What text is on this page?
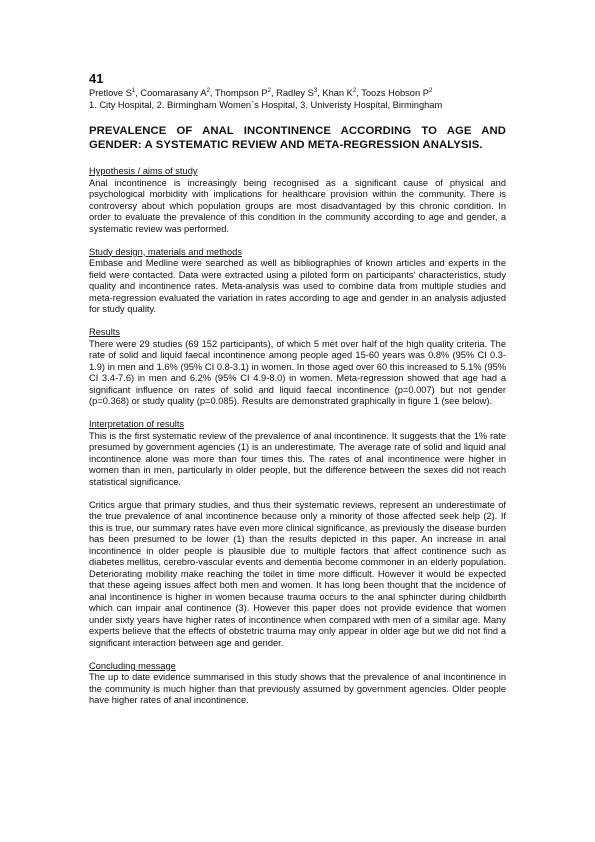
41

Pretlove $S^1$, Coomarasany $A^2$, Thompson $P^2$, Radley $S^3$, Khan $K^2$, Toozs Hobson $P^2$

1. City Hospital, 2. Birmingham Women`s Hospital, 3. Univeristy Hospital, Birmingham

PREVALENCE OF ANAL INCONTINENCE ACCORDING TO AGE AND GENDER: A SYSTEMATIC REVIEW AND META-REGRESSION ANALYSIS.

Hypothesis / aims of study

Anal incontinence is increasingly being recognised as a significant cause of physical and psychological morbidity with implications for healthcare provision within the community. There is controversy about which population groups are most disadvantaged by this chronic condition. In order to evaluate the prevalence of this condition in the community according to age and gender, a systematic review was performed.

Study design, materials and methods

Embase and Medline were searched as well as bibliographies of known articles and experts in the field were contacted. Data were extracted using a piloted form on participants' characteristics, study quality and incontinence rates. Meta-analysis was used to combine data from multiple studies and meta-regression evaluated the variation in rates according to age and gender in an analysis adjusted for study quality.

Results

There were 29 studies (69 152 participants), of which 5 met over half of the high quality criteria. The rate of solid and liquid faecal incontinence among people aged 15-60 years was 0.8% (95% CI 0.3-1.9) in men and 1.6% (95% CI 0.8-3.1) in women. In those aged over 60 this increased to 5.1% (95% CI 3.4-7.6) in men and 6.2% (95% CI 4.9-8.0) in women. Meta-regression showed that age had a significant influence on rates of solid and liquid faecal incontinence (p=0.007) but not gender (p=0.368) or study quality (p=0.085). Results are demonstrated graphically in figure 1 (see below).

Interpretation of results

This is the first systematic review of the prevalence of anal incontinence. It suggests that the 1% rate presumed by government agencies (1) is an underestimate. The average rate of solid and liquid anal incontinence alone was more than four times this. The rates of anal incontinence were higher in women than in men, particularly in older people, but the difference between the sexes did not reach statistical significance.

Critics argue that primary studies, and thus their systematic reviews, represent an underestimate of the true prevalence of anal incontinence because only a minority of those affected seek help (2). If this is true, our summary rates have even more clinical significance, as previously the disease burden has been presumed to be lower (1) than the results depicted in this paper. An increase in anal incontinence in older people is plausible due to multiple factors that affect continence such as diabetes mellitus, cerebro-vascular events and dementia become commoner in an elderly population. Deteriorating mobility make reaching the toilet in time more difficult. However it would be expected that these ageing issues affect both men and women. It has long been thought that the incidence of anal incontinence is higher in women because trauma occurs to the anal sphincter during childbirth which can impair anal continence (3). However this paper does not provide evidence that women under sixty years have higher rates of incontinence when compared with men of a similar age. Many experts believe that the effects of obstetric trauma may only appear in older age but we did not find a significant interaction between age and gender.

Concluding message

The up to date evidence summarised in this study shows that the prevalence of anal incontinence in the community is much higher than that previously assumed by government agencies. Older people have higher rates of anal incontinence.
